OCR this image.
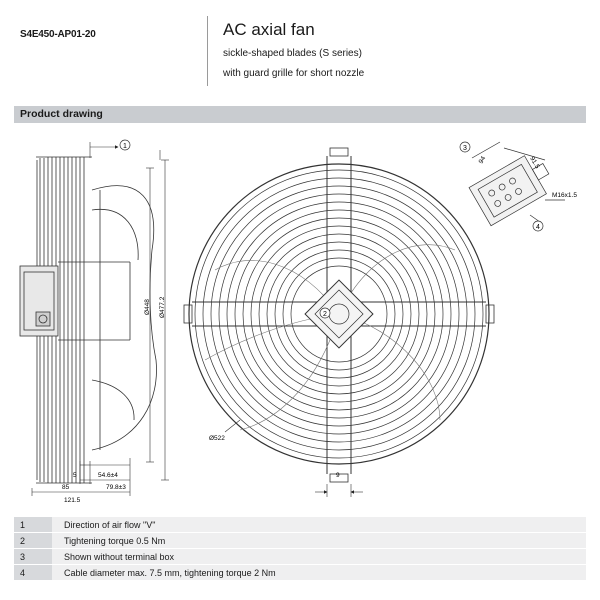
S4E450-AP01-20	AC axial fan
sickle-shaped blades (S series)
with guard grille for short nozzle
Product drawing
1
Ø448 Ø477.2
5	54.6±4
85	79.8±3
121.5
2
Ø522
9
3
4
94	91.5
M16x1.5
1	Direction of air flow "V"
2	Tightening torque 0.5 Nm
3	Shown without terminal box
4	Cable diameter max. 7.5 mm, tightening torque 2 Nm
